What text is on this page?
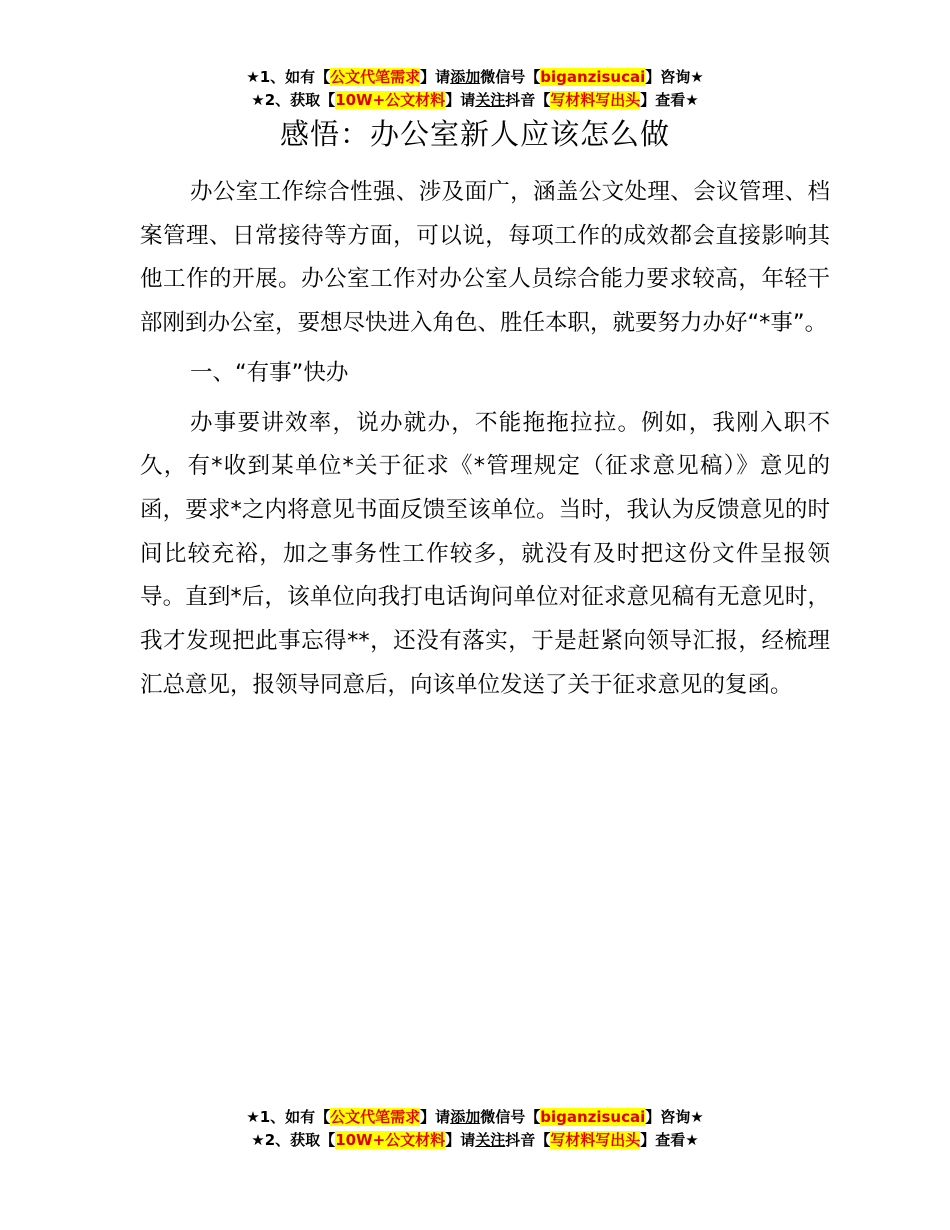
★1、如有【公文代笔需求】请添加微信号【biganzisucai】咨询★
★2、获取【10W+公文材料】请关注抖音【写材料写出头】查看★
感悟：办公室新人应该怎么做

办公室工作综合性强、涉及面广，涵盖公文处理、会议管理、档案管理、日常接待等方面，可以说，每项工作的成效都会直接影响其他工作的开展。办公室工作对办公室人员综合能力要求较高，年轻干部刚到办公室，要想尽快进入角色、胜任本职，就要努力办好“*事”。

一、“有事”快办

办事要讲效率，说办就办，不能拖拖拉拉。例如，我刚入职不久，有*收到某单位*关于征求《*管理规定（征求意见稿）》意见的函，要求*之内将意见书面反馈至该单位。当时，我认为反馈意见的时间比较充裕，加之事务性工作较多，就没有及时把这份文件呈报领导。直到*后，该单位向我打电话询问单位对征求意见稿有无意见时，我才发现把此事忘得**，还没有落实，于是赶紧向领导汇报，经梳理汇总意见，报领导同意后，向该单位发送了关于征求意见的复函。

★1、如有【公文代笔需求】请添加微信号【biganzisucai】咨询★
★2、获取【10W+公文材料】请关注抖音【写材料写出头】查看★
